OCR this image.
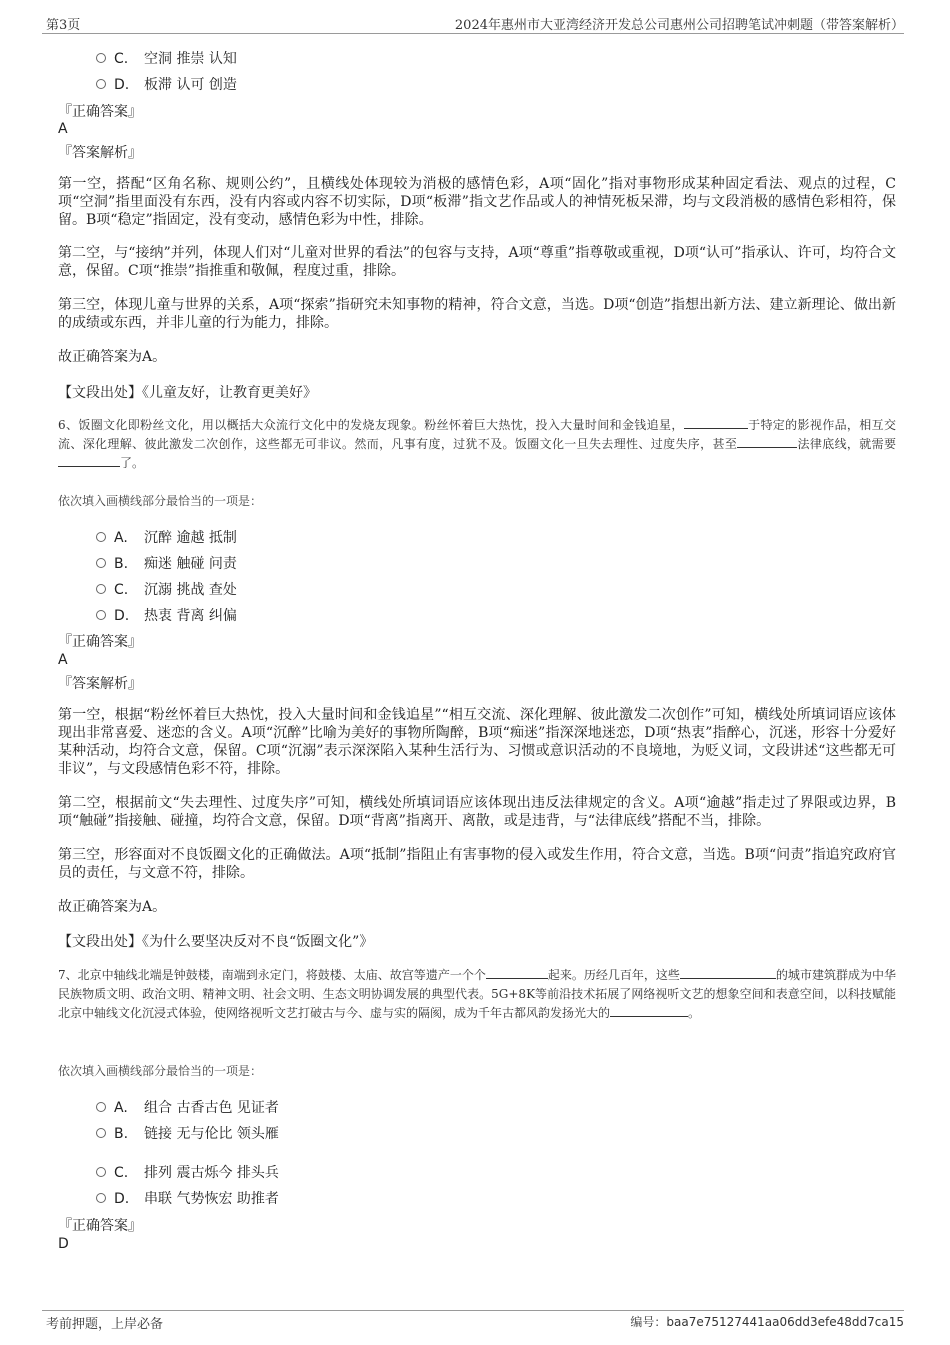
第3页	2024年惠州市大亚湾经济开发总公司惠州公司招聘笔试冲刺题（带答案解析）
C. 空洞 推崇 认知
D. 板滞 认可 创造
『正确答案』
A
『答案解析』
第一空，搭配“区角名称、规则公约”，且横线处体现较为消极的感情色彩，A项“固化”指对事物形成某种固定看法、观点的过程，C项“空洞”指里面没有东西，没有内容或内容不切实际，D项“板滞”指文艺作品或人的神情死板呆滞，均与文段消极的感情色彩相符，保留。B项“稳定”指固定，没有变动，感情色彩为中性，排除。
第二空，与“接纳”并列，体现人们对“儿童对世界的看法”的包容与支持，A项“尊重”指尊敬或重视，D项“认可”指承认、许可，均符合文意，保留。C项“推崇”指推重和敬佩，程度过重，排除。
第三空，体现儿童与世界的关系，A项“探索”指研究未知事物的精神，符合文意，当选。D项“创造”指想出新方法、建立新理论、做出新的成绩或东西，并非儿童的行为能力，排除。
故正确答案为A。
【文段出处】《儿童友好，让教育更美好》
6、饭圈文化即粉丝文化，用以概括大众流行文化中的发烧友现象。粉丝怀着巨大热忱，投入大量时间和金钱追星，	于特定的影视作品，相互交流、深化理解、彼此激发二次创作，这些都无可非议。然而，凡事有度，过犹不及。饭圈文化一旦失去理性、过度失序，甚至	法律底线，就需要了。
依次填入画横线部分最恰当的一项是：
A. 沉醉 逾越 抵制
B. 痴迷 触碰 问责
C. 沉溺 挑战 查处
D. 热衷 背离 纠偏
『正确答案』
A
『答案解析』
第一空，根据“粉丝怀着巨大热忱，投入大量时间和金钱追星”“相互交流、深化理解、彼此激发二次创作”可知，横线处所填词语应该体现出非常喜爱、迷恋的含义。A项“沉醉”比喻为美好的事物所陶醉，B项“痴迷”指深深地迷恋，D项“热衷”指醉心，沉迷，形容十分爱好某种活动，均符合文意，保留。C项“沉溺”表示深深陷入某种生活行为、习惯或意识活动的不良境地，为贬义词，文段讲述“这些都无可非议”，与文段感情色彩不符，排除。
第二空，根据前文“失去理性、过度失序”可知，横线处所填词语应该体现出违反法律规定的含义。A项“逾越”指走过了界限或边界，B项“触碰”指接触、碰撞，均符合文意，保留。D项“背离”指离开、离散，或是违背，与“法律底线”搭配不当，排除。
第三空，形容面对不良饭圈文化的正确做法。A项“抵制”指阻止有害事物的侵入或发生作用，符合文意，当选。B项“问责”指追究政府官员的责任，与文意不符，排除。
故正确答案为A。
【文段出处】《为什么要坚决反对不良“饭圈文化”》
7、北京中轴线北端是钟鼓楼，南端到永定门，将鼓楼、太庙、故宫等遗产一个个	起来。历经几百年，这些	的城市建筑群成为中华民族物质文明、政治文明、精神文明、社会文明、生态文明协调发展的典型代表。5G+8K等前沿技术拓展了网络视听文艺的想象空间和表意空间，以科技赋能北京中轴线文化沉浸式体验，使网络视听文艺打破古与今、虚与实的隔阂，成为千年古都风韵发扬光大的	。
依次填入画横线部分最恰当的一项是：
A. 组合 古香古色 见证者
B. 链接 无与伦比 领头雁
C. 排列 震古烁今 排头兵
D. 串联 气势恢宏 助推者
『正确答案』
D
考前押题，上岸必备	编号：baa7e75127441aa06dd3efe48dd7ca15
